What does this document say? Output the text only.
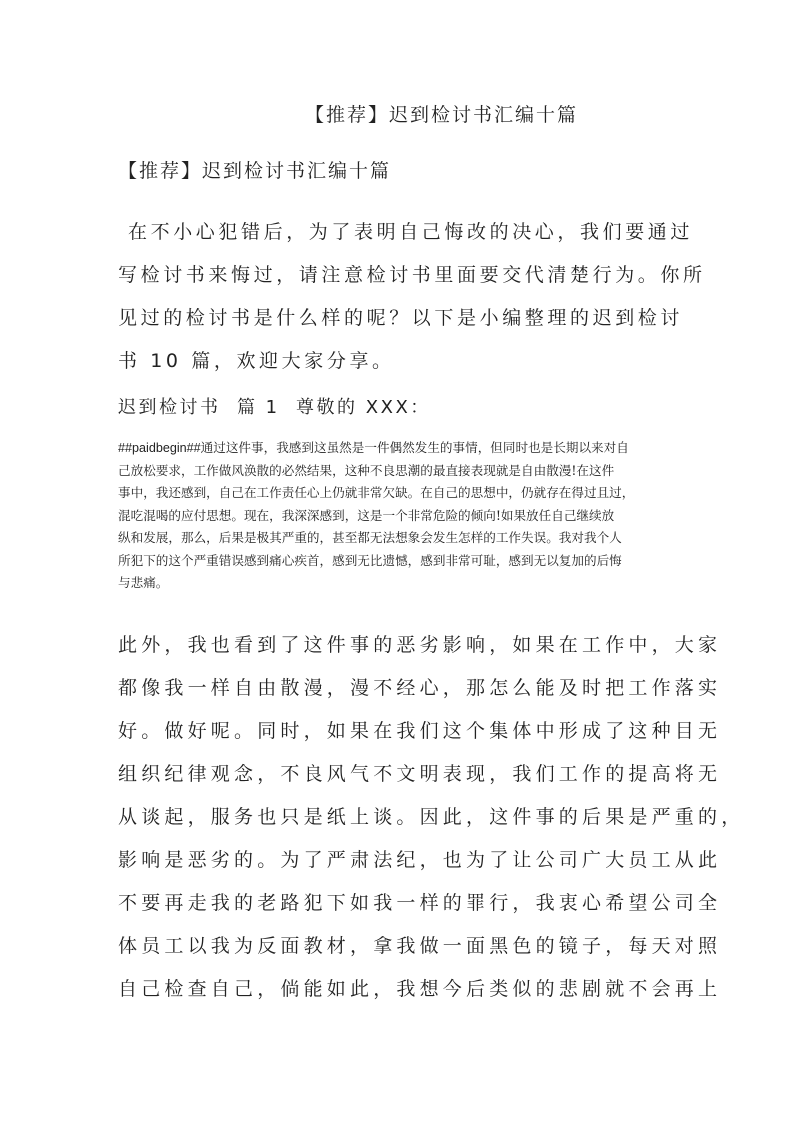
【推荐】迟到检讨书汇编十篇
【推荐】迟到检讨书汇编十篇
在不小心犯错后，为了表明自己悔改的决心，我们要通过
写检讨书来悔过，请注意检讨书里面要交代清楚行为。你所
见过的检讨书是什么样的呢？以下是小编整理的迟到检讨
书 10 篇，欢迎大家分享。
迟到检讨书  篇 1  尊敬的 XXX：
##paidbegin##通过这件事，我感到这虽然是一件偶然发生的事情，但同时也是长期以来对自
己放松要求，工作做风涣散的必然结果，这种不良思潮的最直接表现就是自由散漫!在这件
事中，我还感到，自己在工作责任心上仍就非常欠缺。在自己的思想中，仍就存在得过且过，
混吃混喝的应付思想。现在，我深深感到，这是一个非常危险的倾向!如果放任自己继续放
纵和发展，那么，后果是极其严重的，甚至都无法想象会发生怎样的工作失误。我对我个人
所犯下的这个严重错误感到痛心疾首，感到无比遗憾，感到非常可耻，感到无以复加的后悔
与悲痛。
此外，我也看到了这件事的恶劣影响，如果在工作中，大家
都像我一样自由散漫，漫不经心，那怎么能及时把工作落实
好。做好呢。同时，如果在我们这个集体中形成了这种目无
组织纪律观念，不良风气不文明表现，我们工作的提高将无
从谈起，服务也只是纸上谈。因此，这件事的后果是严重的，
影响是恶劣的。为了严肃法纪，也为了让公司广大员工从此
不要再走我的老路犯下如我一样的罪行，我衷心希望公司全
体员工以我为反面教材，拿我做一面黑色的镜子，每天对照
自己检查自己，倘能如此，我想今后类似的悲剧就不会再上
